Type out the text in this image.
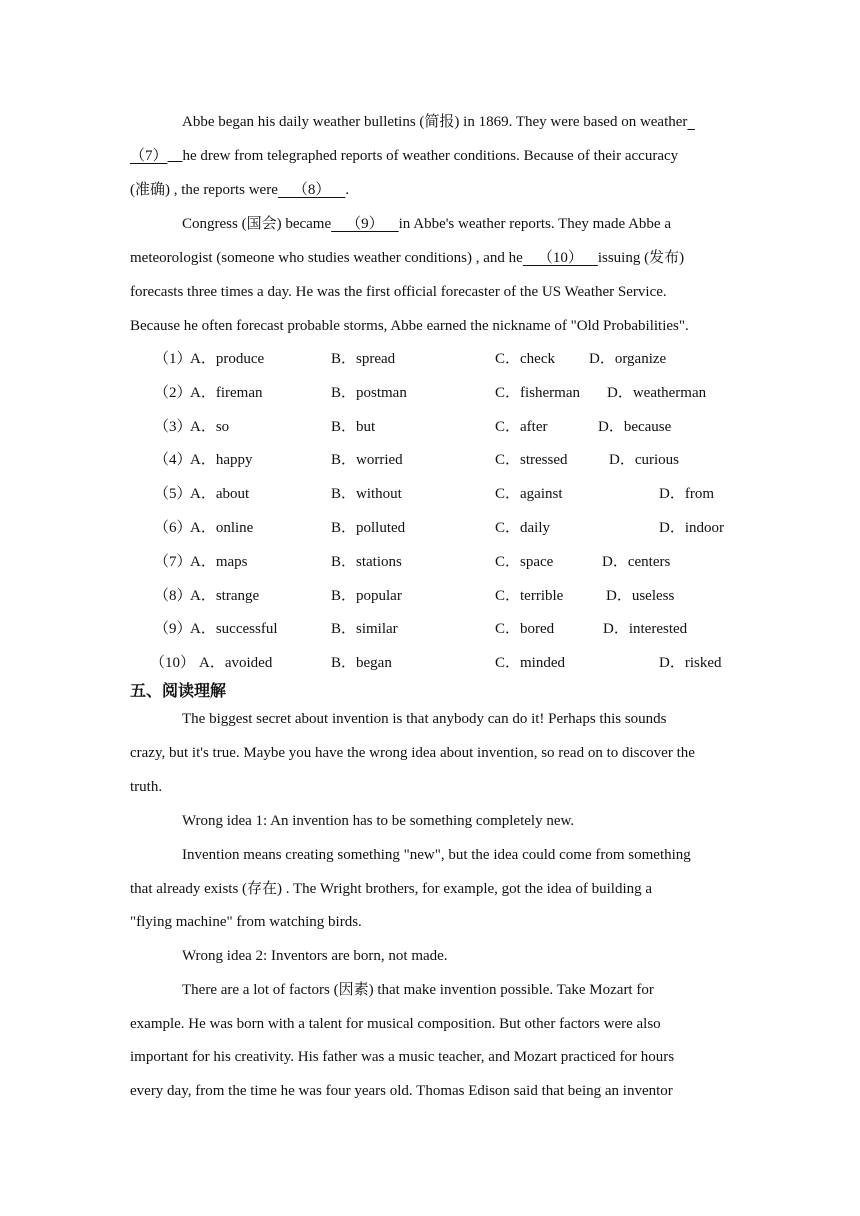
Abbe began his daily weather bulletins (简报) in 1869. They were based on weather
（7） he drew from telegraphed reports of weather conditions. Because of their accuracy
(准确) , the reports were    （8）    .
Congress (国会) became    （9）    in Abbe's weather reports. They made Abbe a
meteorologist (someone who studies weather conditions) , and he    （10）    issuing (发布)
forecasts three times a day. He was the first official forecaster of the US Weather Service.
Because he often forecast probable storms, Abbe earned the nickname of "Old Probabilities".
（1）
A．produce	B．spread	C．check D．organize
（2）
A．fireman	B．postman	C．fisherman D．weatherman
（3）
A．so	B．but	C．after	D．because
（4）
A．happy	B．worried	C．stressed	D．curious
（5）
A．about	B．without	C．against	D．from
（6）
A．online	B．polluted	C．daily	D．indoor
（7）
A．maps	B．stations	C．space	D．centers
（8）
A．strange	B．popular	C．terrible	D．useless
（9）
A．successful	B．similar	C．bored	D．interested
（10） A．avoided	B．began	C．minded	D．risked
五、阅读理解
The biggest secret about invention is that anybody can do it! Perhaps this sounds
crazy, but it's true. Maybe you have the wrong idea about invention, so read on to discover the
truth.
Wrong idea 1: An invention has to be something completely new.
Invention means creating something "new", but the idea could come from something
that already exists (存在) . The Wright brothers, for example, got the idea of building a
"flying machine" from watching birds.
Wrong idea 2: Inventors are born, not made.
There are a lot of factors (因素) that make invention possible. Take Mozart for
example. He was born with a talent for musical composition. But other factors were also
important for his creativity. His father was a music teacher, and Mozart practiced for hours
every day, from the time he was four years old. Thomas Edison said that being an inventor
